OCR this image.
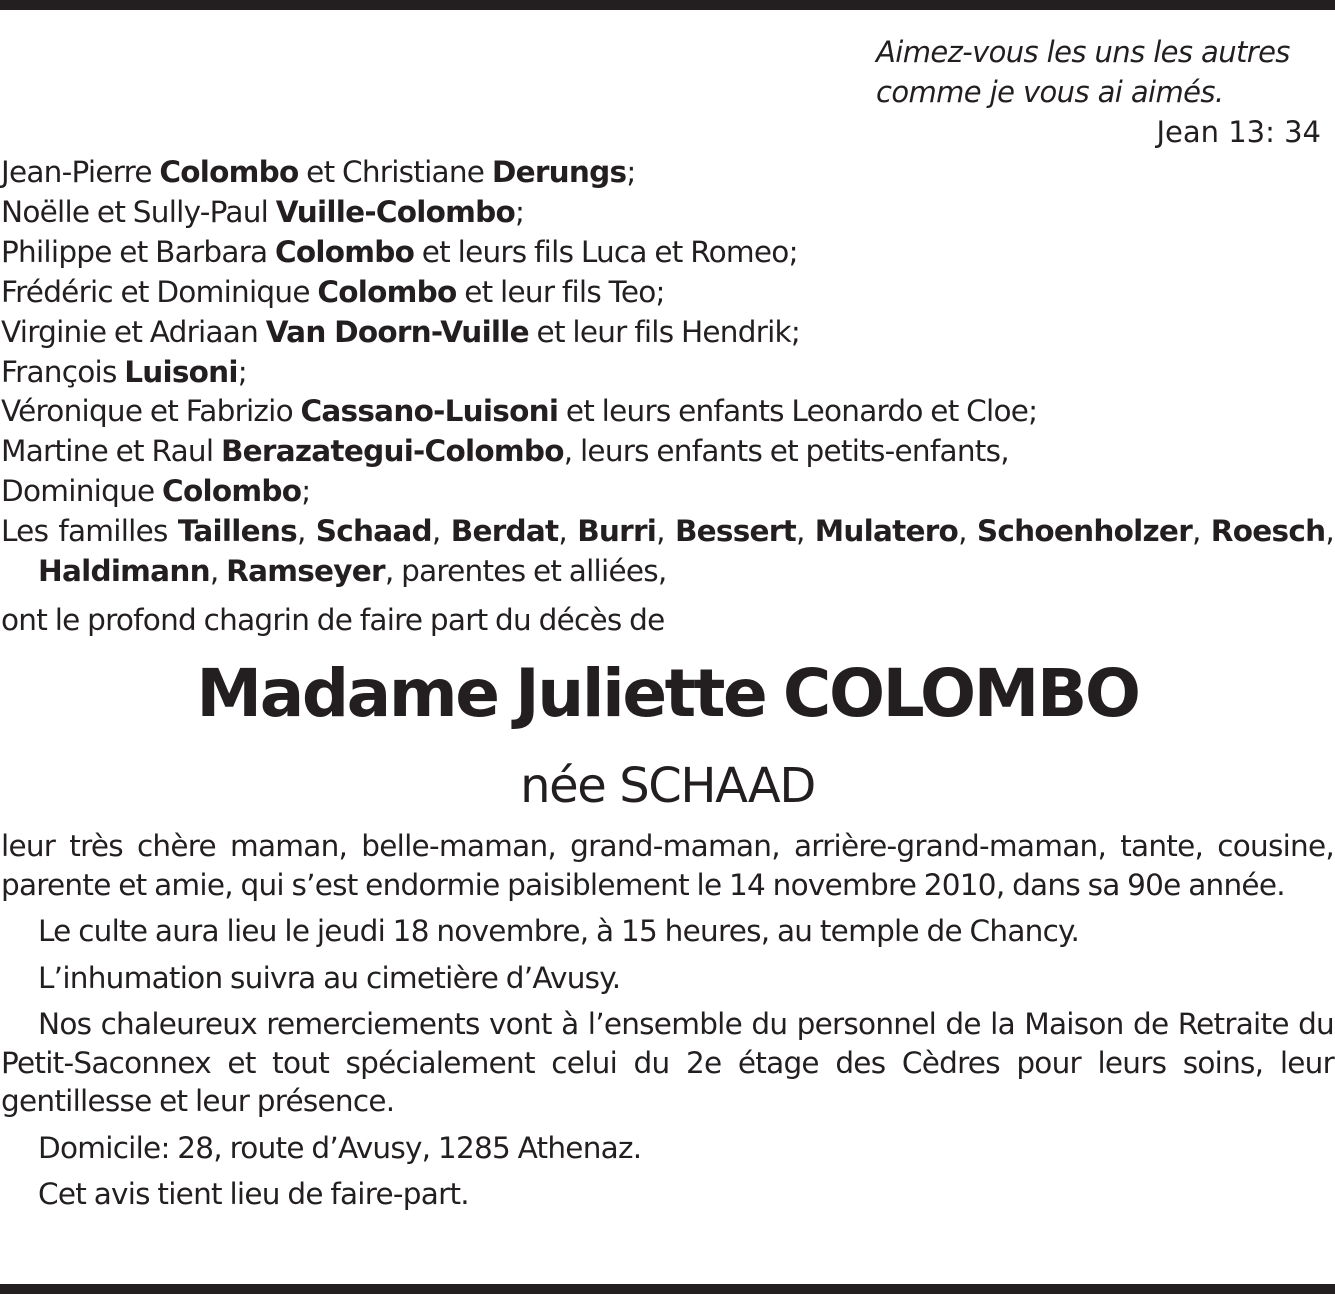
Aimez-vous les uns les autres
comme je vous ai aimés.
Jean 13: 34
Jean-Pierre Colombo et Christiane Derungs;
Noëlle et Sully-Paul Vuille-Colombo;
Philippe et Barbara Colombo et leurs fils Luca et Romeo;
Frédéric et Dominique Colombo et leur fils Teo;
Virginie et Adriaan Van Doorn-Vuille et leur fils Hendrik;
François Luisoni;
Véronique et Fabrizio Cassano-Luisoni et leurs enfants Leonardo et Cloe;
Martine et Raul Berazategui-Colombo, leurs enfants et petits-enfants,
Dominique Colombo;
Les familles Taillens, Schaad, Berdat, Burri, Bessert, Mulatero, Schoenholzer, Roesch, Haldimann, Ramseyer, parentes et alliées,
ont le profond chagrin de faire part du décès de
Madame Juliette COLOMBO
née SCHAAD

leur très chère maman, belle-maman, grand-maman, arrière-grand-maman, tante, cousine, parente et amie, qui s’est endormie paisiblement le 14 novembre 2010, dans sa 90e année.

Le culte aura lieu le jeudi 18 novembre, à 15 heures, au temple de Chancy.

L’inhumation suivra au cimetière d’Avusy.

Nos chaleureux remerciements vont à l’ensemble du personnel de la Maison de Retraite du Petit-Saconnex et tout spécialement celui du 2e étage des Cèdres pour leurs soins, leur gentillesse et leur présence.

Domicile: 28, route d’Avusy, 1285 Athenaz.

Cet avis tient lieu de faire-part.
